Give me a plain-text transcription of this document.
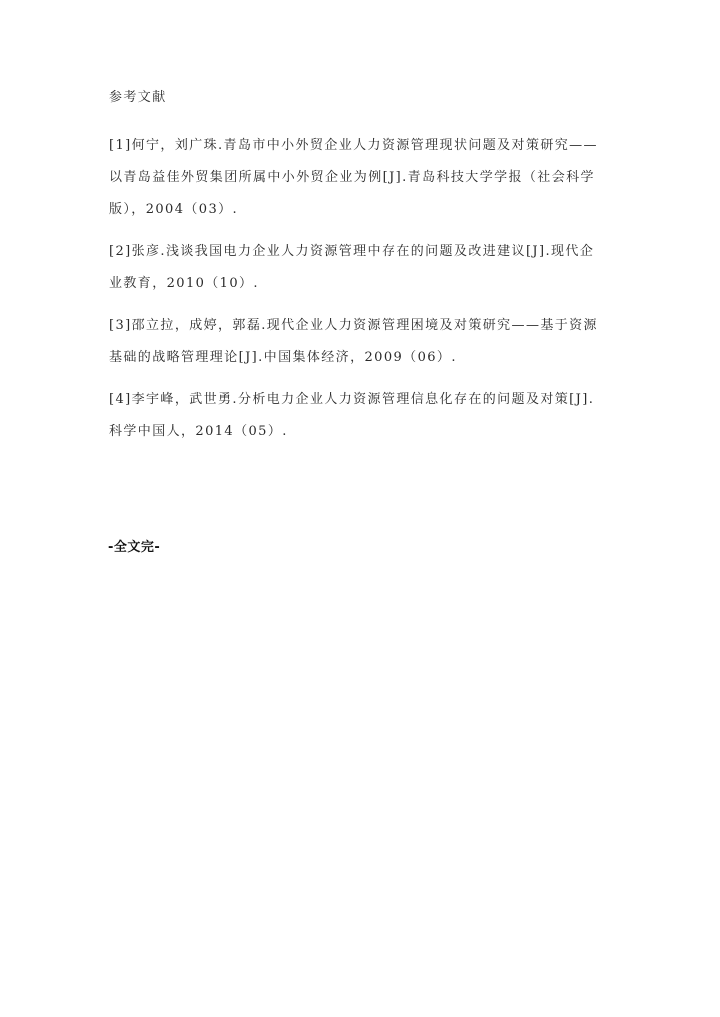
参考文献
[1]何宁，刘广珠.青岛市中小外贸企业人力资源管理现状问题及对策研究——
以青岛益佳外贸集团所属中小外贸企业为例[J].青岛科技大学学报（社会科学
版），2004（03）.
[2]张彦.浅谈我国电力企业人力资源管理中存在的问题及改进建议[J].现代企
业教育，2010（10）.
[3]邵立拉，成婷，郭磊.现代企业人力资源管理困境及对策研究——基于资源
基础的战略管理理论[J].中国集体经济，2009（06）.
[4]李宇峰，武世勇.分析电力企业人力资源管理信息化存在的问题及对策[J].
科学中国人，2014（05）.
-全文完-
